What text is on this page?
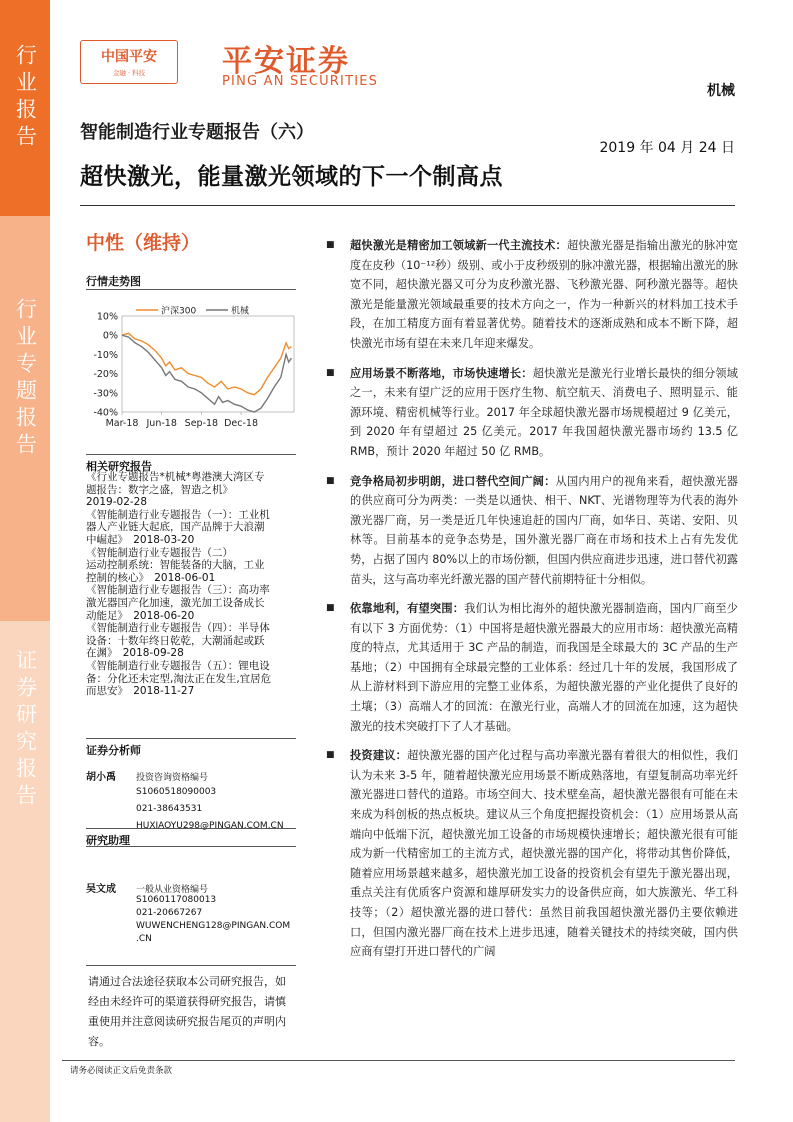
行业报告
行业专题报告
证券研究报告
中国平安
金融 · 科技	平安证券
PING AN SECURITIES
机械
智能制造行业专题报告（六）
2019 年 04 月 24 日
超快激光，能量激光领域的下一个制高点
中性（维持）
行情走势图
10%
0%
-10%
-20%
-30%
-40%
Mar-18 Jun-18 Sep-18 Dec-18
沪深300	机械
相关研究报告
《行业专题报告*机械*粤港澳大湾区专
题报告：数字之盛，智造之机》
2019-02-28
《智能制造行业专题报告（一）：工业机
器人产业链大起底，国产品牌于大浪潮
中崛起》　2018-03-20
《智能制造行业专题报告（二）
运动控制系统：智能装备的大脑，工业
控制的核心》　2018-06-01
《智能制造行业专题报告（三）：高功率
激光器国产化加速，激光加工设备成长
动能足》　2018-06-20
《智能制造行业专题报告（四）：半导体
设备：十数年终日乾乾，大潮涌起或跃
在渊》　2018-09-28
《智能制造行业专题报告（五）：锂电设
备：分化还未定型,淘汰正在发生,宜居危
而思安》　2018-11-27
证券分析师
胡小禹 投资咨询资格编号
S1060518090003
021-38643531
HUXIAOYU298@PINGAN.COM.CN
研究助理
吴文成 一般从业资格编号
S1060117080013
021-20667267
WUWENCHENG128@PINGAN.COM
.CN
请通过合法途径获取本公司研究报告，如经由未经许可的渠道获得研究报告，请慎重使用并注意阅读研究报告尾页的声明内容。
请务必阅读正文后免责条款
■ 超快激光是精密加工领域新一代主流技术：超快激光器是指输出激光的脉冲宽度在皮秒（10⁻¹²秒）级别、或小于皮秒级别的脉冲激光器，根据输出激光的脉宽不同，超快激光器又可分为皮秒激光器、飞秒激光器、阿秒激光器等。超快激光是能量激光领域最重要的技术方向之一，作为一种新兴的材料加工技术手段，在加工精度方面有着显著优势。随着技术的逐渐成熟和成本不断下降，超快激光市场有望在未来几年迎来爆发。
■ 应用场景不断落地，市场快速增长：超快激光是激光行业增长最快的细分领域之一，未来有望广泛的应用于医疗生物、航空航天、消费电子、照明显示、能源环境、精密机械等行业。2017 年全球超快激光器市场规模超过 9 亿美元，到 2020 年有望超过 25 亿美元。2017 年我国超快激光器市场约 13.5 亿 RMB，预计 2020 年超过 50 亿 RMB。
■ 竞争格局初步明朗，进口替代空间广阔：从国内用户的视角来看，超快激光器的供应商可分为两类：一类是以通快、相干、NKT、光谱物理等为代表的海外激光器厂商，另一类是近几年快速追赶的国内厂商，如华日、英诺、安阳、贝林等。目前基本的竞争态势是，国外激光器厂商在市场和技术上占有先发优势，占据了国内 80%以上的市场份额，但国内供应商进步迅速，进口替代初露苗头，这与高功率光纤激光器的国产替代前期特征十分相似。
■ 依靠地利，有望突围：我们认为相比海外的超快激光器制造商，国内厂商至少有以下 3 方面优势：（1）中国将是超快激光器最大的应用市场：超快激光高精度的特点，尤其适用于 3C 产品的制造，而我国是全球最大的 3C 产品的生产基地；（2）中国拥有全球最完整的工业体系：经过几十年的发展，我国形成了从上游材料到下游应用的完整工业体系，为超快激光器的产业化提供了良好的土壤；（3）高端人才的回流：在激光行业，高端人才的回流在加速，这为超快激光的技术突破打下了人才基础。
■ 投资建议：超快激光器的国产化过程与高功率激光器有着很大的相似性，我们认为未来 3-5 年，随着超快激光应用场景不断成熟落地，有望复制高功率光纤激光器进口替代的道路。市场空间大、技术壁垒高，超快激光器很有可能在未来成为科创板的热点板块。建议从三个角度把握投资机会：（1）应用场景从高端向中低端下沉，超快激光加工设备的市场规模快速增长；超快激光很有可能成为新一代精密加工的主流方式，超快激光器的国产化，将带动其售价降低，随着应用场景越来越多，超快激光加工设备的投资机会有望先于激光器出现，重点关注有优质客户资源和雄厚研发实力的设备供应商，如大族激光、华工科技等；（2）超快激光器的进口替代：虽然目前我国超快激光器仍主要依赖进口，但国内激光器厂商在技术上进步迅速，随着关键技术的持续突破，国内供应商有望打开进口替代的广阔
